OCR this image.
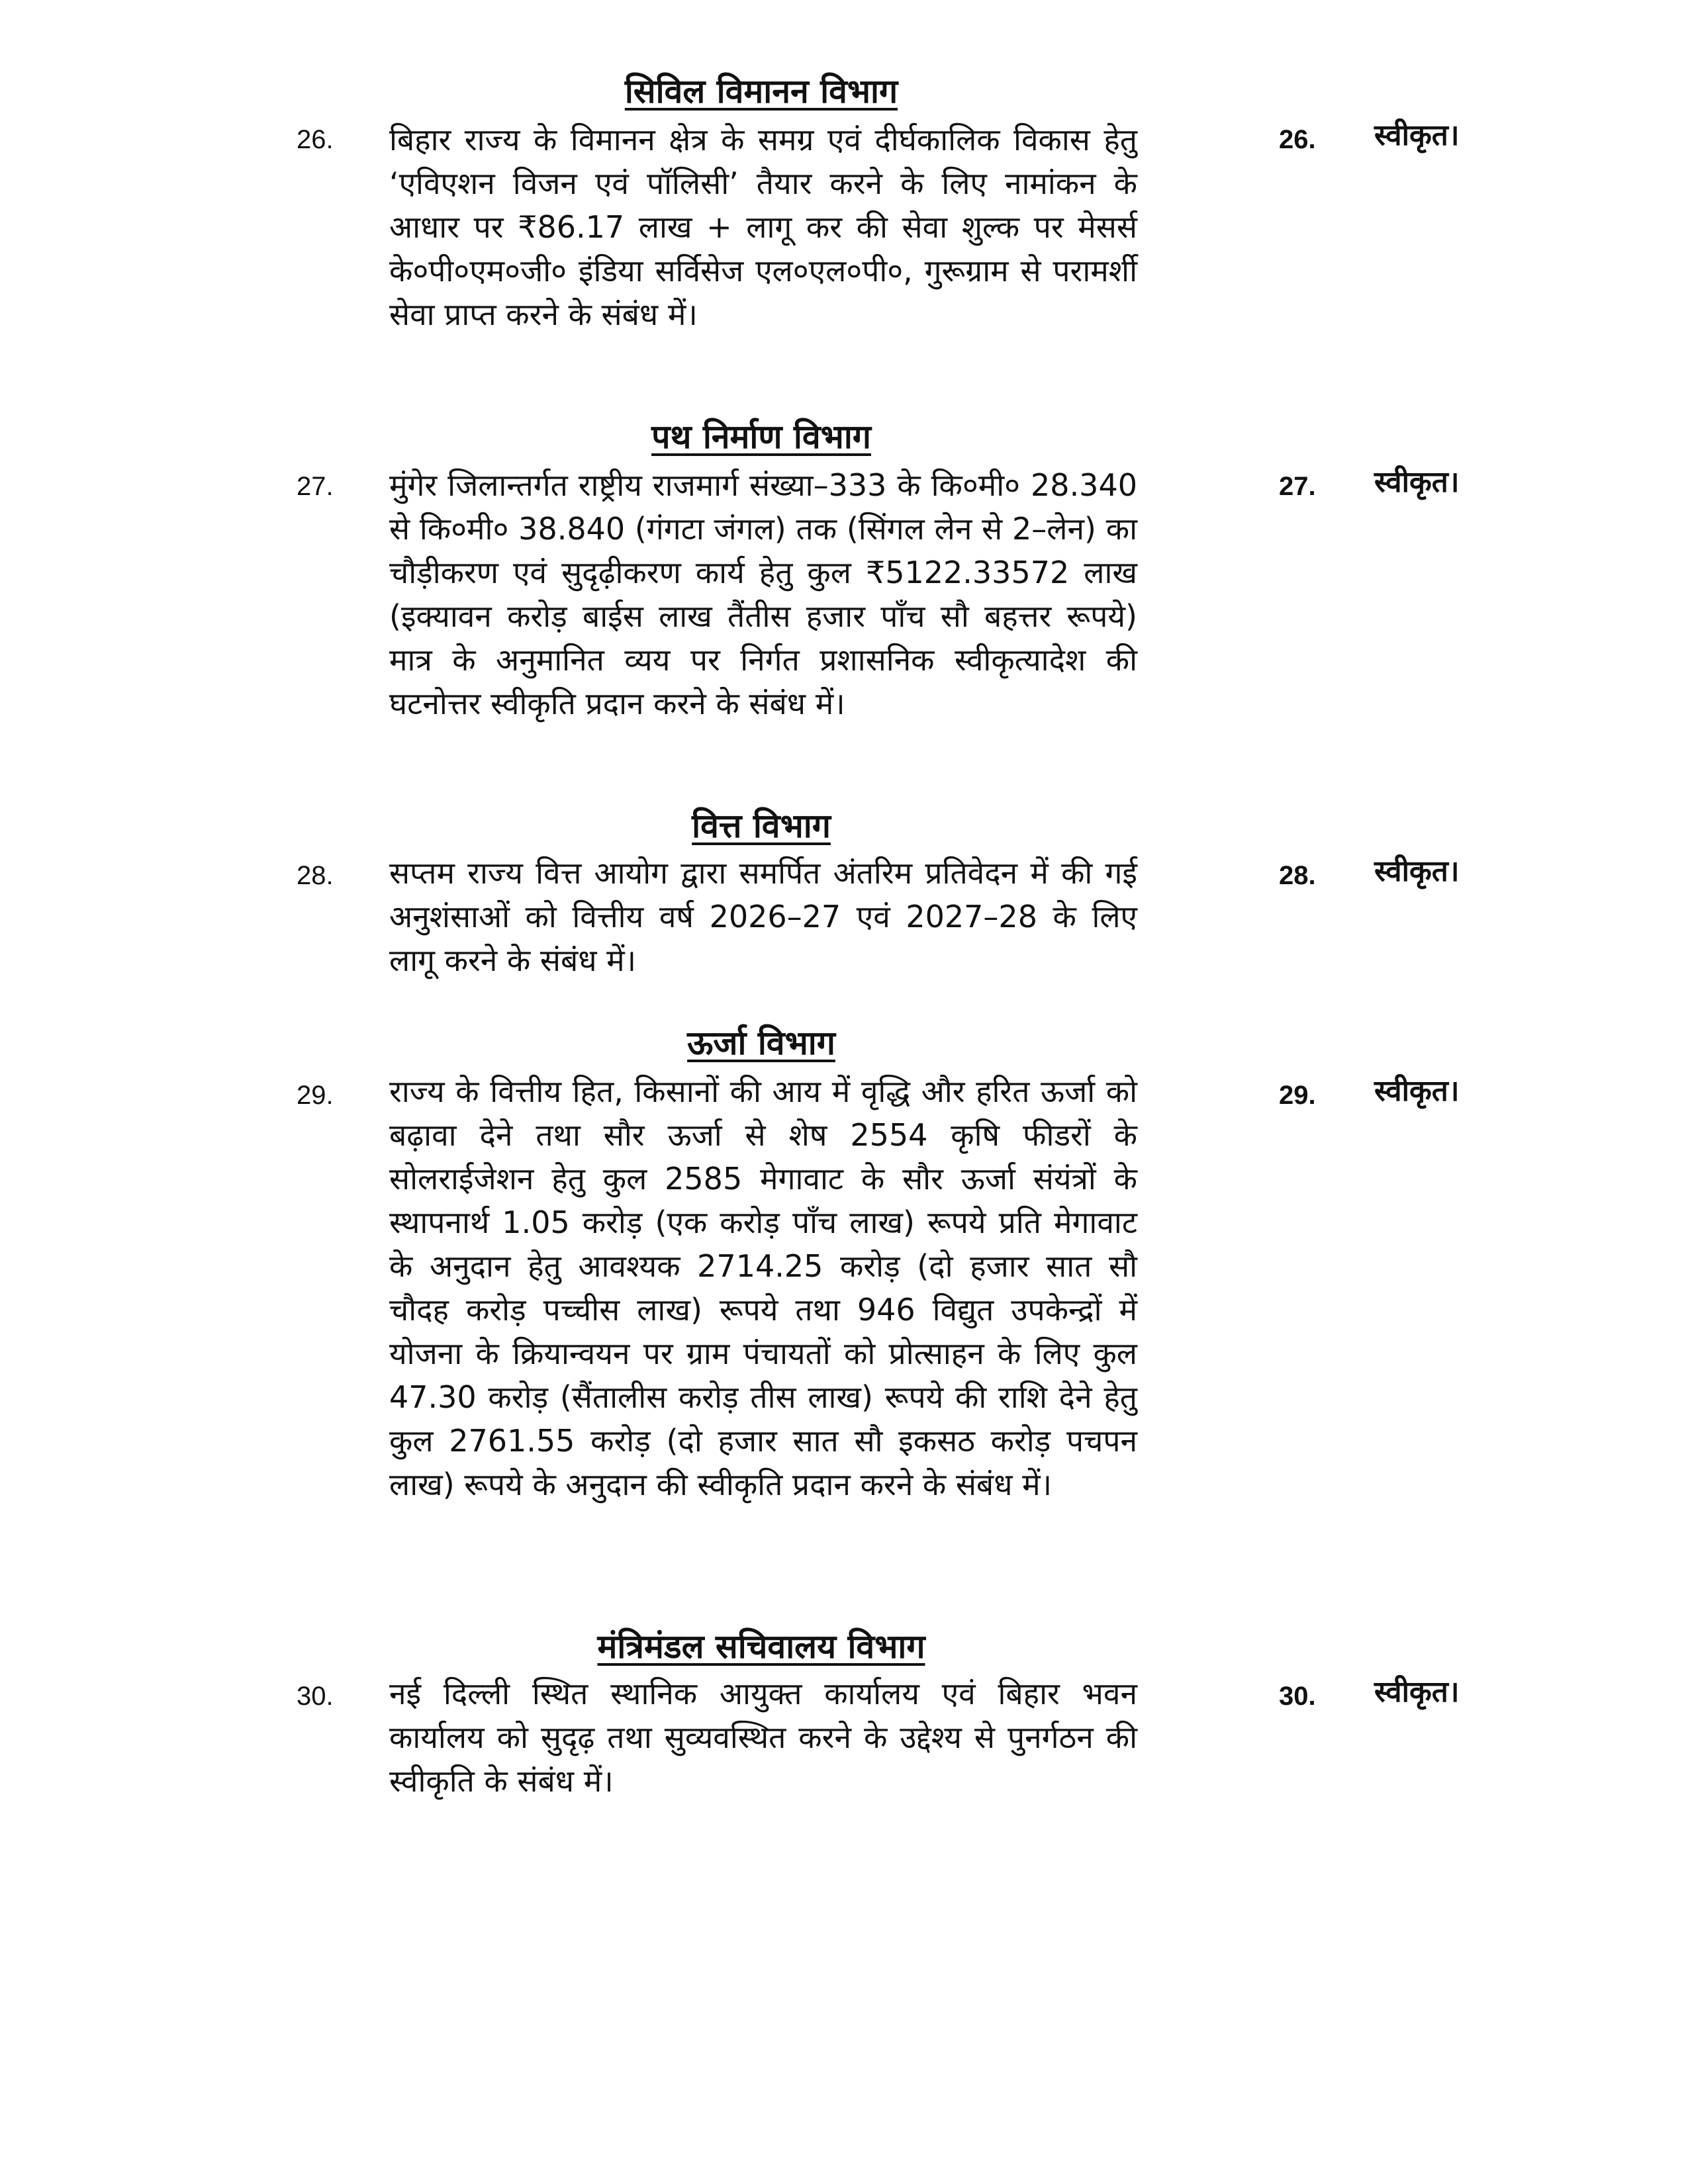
सिविल विमानन विभाग
26. बिहार राज्य के विमानन क्षेत्र के समग्र एवं दीर्घकालिक विकास हेतु ‘एविएशन विजन एवं पॉलिसी’ तैयार करने के लिए नामांकन के आधार पर ₹86.17 लाख + लागू कर की सेवा शुल्क पर मेसर्स के०पी०एम०जी० इंडिया सर्विसेज एल०एल०पी०, गुरूग्राम से परामर्शी सेवा प्राप्त करने के संबंध में।

26. स्वीकृत।
पथ निर्माण विभाग
27. मुंगेर जिलान्तर्गत राष्ट्रीय राजमार्ग संख्या–333 के कि०मी० 28.340 से कि०मी० 38.840 (गंगटा जंगल) तक (सिंगल लेन से 2–लेन) का चौड़ीकरण एवं सुदृढ़ीकरण कार्य हेतु कुल ₹5122.33572 लाख (इक्यावन करोड़ बाईस लाख तैंतीस हजार पाँच सौ बहत्तर रूपये) मात्र के अनुमानित व्यय पर निर्गत प्रशासनिक स्वीकृत्यादेश की घटनोत्तर स्वीकृति प्रदान करने के संबंध में।

27. स्वीकृत।
वित्त विभाग
28. सप्तम राज्य वित्त आयोग द्वारा समर्पित अंतरिम प्रतिवेदन में की गई अनुशंसाओं को वित्तीय वर्ष 2026–27 एवं 2027–28 के लिए लागू करने के संबंध में।

28. स्वीकृत।
ऊर्जा विभाग
29. राज्य के वित्तीय हित, किसानों की आय में वृद्धि और हरित ऊर्जा को बढ़ावा देने तथा सौर ऊर्जा से शेष 2554 कृषि फीडरों के सोलराईजेशन हेतु कुल 2585 मेगावाट के सौर ऊर्जा संयंत्रों के स्थापनार्थ 1.05 करोड़ (एक करोड़ पाँच लाख) रूपये प्रति मेगावाट के अनुदान हेतु आवश्यक 2714.25 करोड़ (दो हजार सात सौ चौदह करोड़ पच्चीस लाख) रूपये तथा 946 विद्युत उपकेन्द्रों में योजना के क्रियान्वयन पर ग्राम पंचायतों को प्रोत्साहन के लिए कुल 47.30 करोड़ (सैंतालीस करोड़ तीस लाख) रूपये की राशि देने हेतु कुल 2761.55 करोड़ (दो हजार सात सौ इकसठ करोड़ पचपन लाख) रूपये के अनुदान की स्वीकृति प्रदान करने के संबंध में।

29. स्वीकृत।
मंत्रिमंडल सचिवालय विभाग
30. नई दिल्ली स्थित स्थानिक आयुक्त कार्यालय एवं बिहार भवन कार्यालय को सुदृढ़ तथा सुव्यवस्थित करने के उद्देश्य से पुनर्गठन की स्वीकृति के संबंध में।

30. स्वीकृत।
